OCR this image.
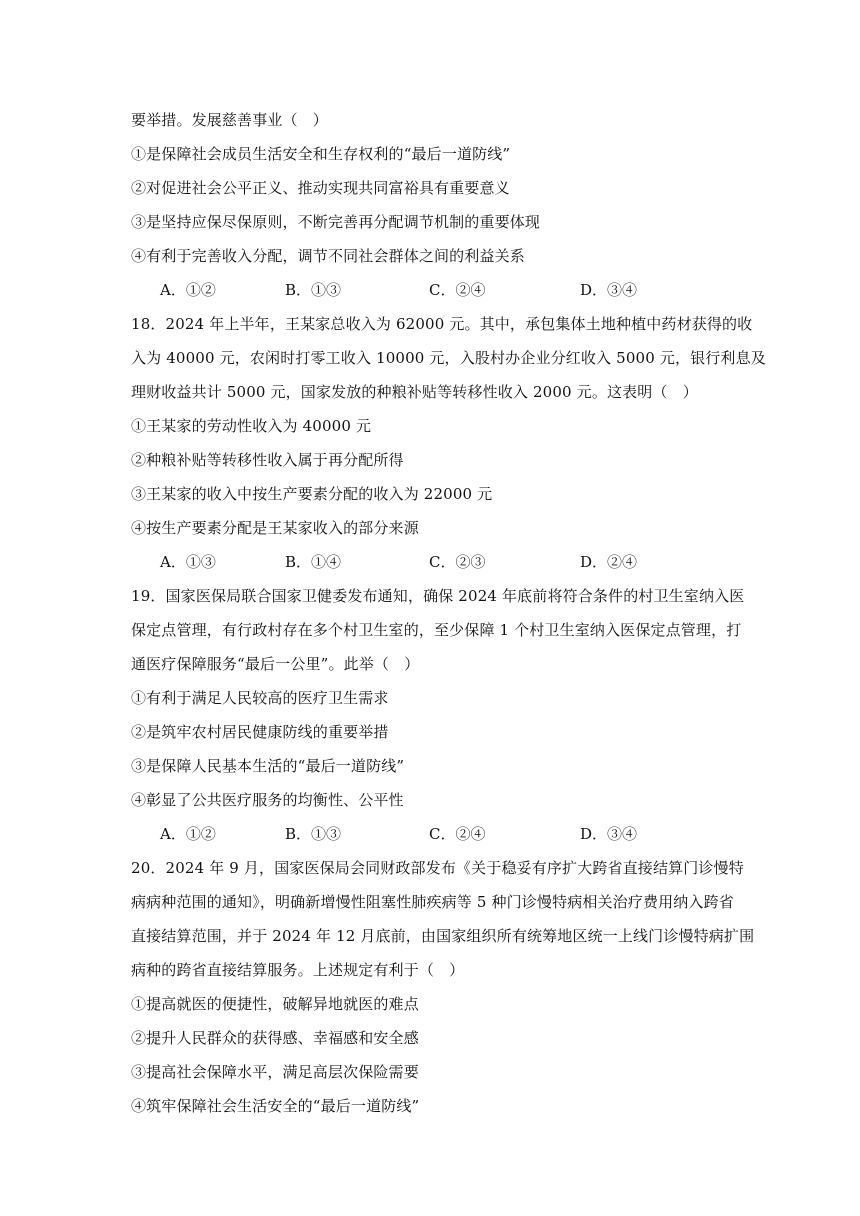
要举措。发展慈善事业（　）
①是保障社会成员生活安全和生存权利的“最后一道防线”
②对促进社会公平正义、推动实现共同富裕具有重要意义
③是坚持应保尽保原则，不断完善再分配调节机制的重要体现
④有利于完善收入分配，调节不同社会群体之间的利益关系
A．①②	B．①③	C．②④	D．③④
18．2024 年上半年，王某家总收入为 62000 元。其中，承包集体土地种植中药材获得的收
入为 40000 元，农闲时打零工收入 10000 元，入股村办企业分红收入 5000 元，银行利息及
理财收益共计 5000 元，国家发放的种粮补贴等转移性收入 2000 元。这表明（　）
①王某家的劳动性收入为 40000 元
②种粮补贴等转移性收入属于再分配所得
③王某家的收入中按生产要素分配的收入为 22000 元
④按生产要素分配是王某家收入的部分来源
A．①③	B．①④	C．②③	D．②④
19．国家医保局联合国家卫健委发布通知，确保 2024 年底前将符合条件的村卫生室纳入医
保定点管理，有行政村存在多个村卫生室的，至少保障 1 个村卫生室纳入医保定点管理，打
通医疗保障服务“最后一公里”。此举（　）
①有利于满足人民较高的医疗卫生需求
②是筑牢农村居民健康防线的重要举措
③是保障人民基本生活的“最后一道防线”
④彰显了公共医疗服务的均衡性、公平性
A．①②	B．①③	C．②④	D．③④
20．2024 年 9 月，国家医保局会同财政部发布《关于稳妥有序扩大跨省直接结算门诊慢特
病病种范围的通知》，明确新增慢性阻塞性肺疾病等 5 种门诊慢特病相关治疗费用纳入跨省
直接结算范围，并于 2024 年 12 月底前，由国家组织所有统筹地区统一上线门诊慢特病扩围
病种的跨省直接结算服务。上述规定有利于（　）
①提高就医的便捷性，破解异地就医的难点
②提升人民群众的获得感、幸福感和安全感
③提高社会保障水平，满足高层次保险需要
④筑牢保障社会生活安全的“最后一道防线”
